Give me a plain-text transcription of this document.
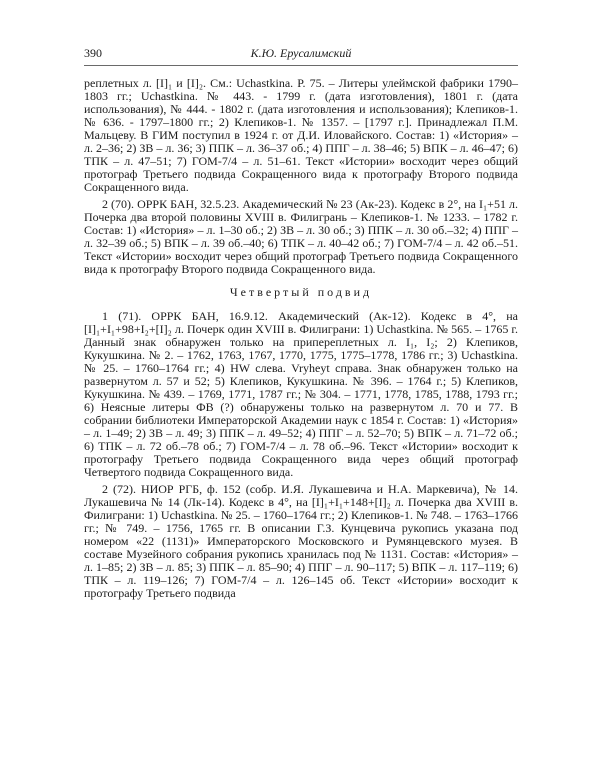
390	К.Ю. Ерусалимский

реплетных л. [I]₁ и [I]₂. См.: Uchastkina. Р. 75. – Литеры улеймской фабрики 1790–1803 гг.; Uchastkina. № 443. - 1799 г. (дата изготовления), 1801 г. (дата использования), № 444. - 1802 г. (дата изготовления и использования); Клепиков-1. № 636. - 1797–1800 гг.; 2) Клепиков-1. № 1357. – [1797 г.]. Принадлежал П.М. Мальцеву. В ГИМ поступил в 1924 г. от Д.И. Иловайского. Состав: 1) «История» – л. 2–36; 2) ЗВ – л. 36; 3) ППК – л. 36–37 об.; 4) ППГ – л. 38–46; 5) ВПК – л. 46–47; 6) ТПК – л. 47–51; 7) ГОМ-7/4 – л. 51–61. Текст «Истории» восходит через общий протограф Третьего подвида Сокращенного вида к протографу Второго подвида Сокращенного вида.

2 (70). ОРРК БАН, 32.5.23. Академический № 23 (Ак-23). Кодекс в 2°, на I₁+51 л. Почерка два второй половины XVIII в. Филигрань – Клепиков-1. № 1233. – 1782 г. Состав: 1) «История» – л. 1–30 об.; 2) ЗВ – л. 30 об.; 3) ППК – л. 30 об.–32; 4) ППГ – л. 32–39 об.; 5) ВПК – л. 39 об.–40; 6) ТПК – л. 40–42 об.; 7) ГОМ-7/4 – л. 42 об.–51. Текст «Истории» восходит через общий протограф Третьего подвида Сокращенного вида к протографу Второго подвида Сокращенного вида.

Четвертый подвид

1 (71). ОРРК БАН, 16.9.12. Академический (Ак-12). Кодекс в 4°, на [I]₁+I₁+98+I₂+[I]₂ л. Почерк один XVIII в. Филиграни: 1) Uchastkina. № 565. – 1765 г. Данный знак обнаружен только на припереплетных л. I₁, I₂; 2) Клепиков, Кукушкина. № 2. – 1762, 1763, 1767, 1770, 1775, 1775–1778, 1786 гг.; 3) Uchastkina. № 25. – 1760–1764 гг.; 4) HW слева. Vryheyt справа. Знак обнаружен только на развернутом л. 57 и 52; 5) Клепиков, Кукушкина. № 396. – 1764 г.; 5) Клепиков, Кукушкина. № 439. – 1769, 1771, 1787 гг.; № 304. – 1771, 1778, 1785, 1788, 1793 гг.; 6) Неясные литеры ФВ (?) обнаружены только на развернутом л. 70 и 77. В собрании библиотеки Императорской Академии наук с 1854 г. Состав: 1) «История» – л. 1–49; 2) ЗВ – л. 49; 3) ППК – л. 49–52; 4) ППГ – л. 52–70; 5) ВПК – л. 71–72 об.; 6) ТПК – л. 72 об.–78 об.; 7) ГОМ-7/4 – л. 78 об.–96. Текст «Истории» восходит к протографу Третьего подвида Сокращенного вида через общий протограф Четвертого подвида Сокращенного вида.

2 (72). НИОР РГБ, ф. 152 (собр. И.Я. Лукашевича и Н.А. Маркевича), № 14. Лукашевича № 14 (Лк-14). Кодекс в 4°, на [I]₁+I₁+148+[I]₂ л. Почерка два XVIII в. Филиграни: 1) Uchastkina. № 25. – 1760–1764 гг.; 2) Клепиков-1. № 748. – 1763–1766 гг.; № 749. – 1756, 1765 гг. В описании Г.З. Кунцевича рукопись указана под номером «22 (1131)» Императорского Московского и Румянцевского музея. В составе Музейного собрания рукопись хранилась под № 1131. Состав: «История» – л. 1–85; 2) ЗВ – л. 85; 3) ППК – л. 85–90; 4) ППГ – л. 90–117; 5) ВПК – л. 117–119; 6) ТПК – л. 119–126; 7) ГОМ-7/4 – л. 126–145 об. Текст «Истории» восходит к протографу Третьего подвида
